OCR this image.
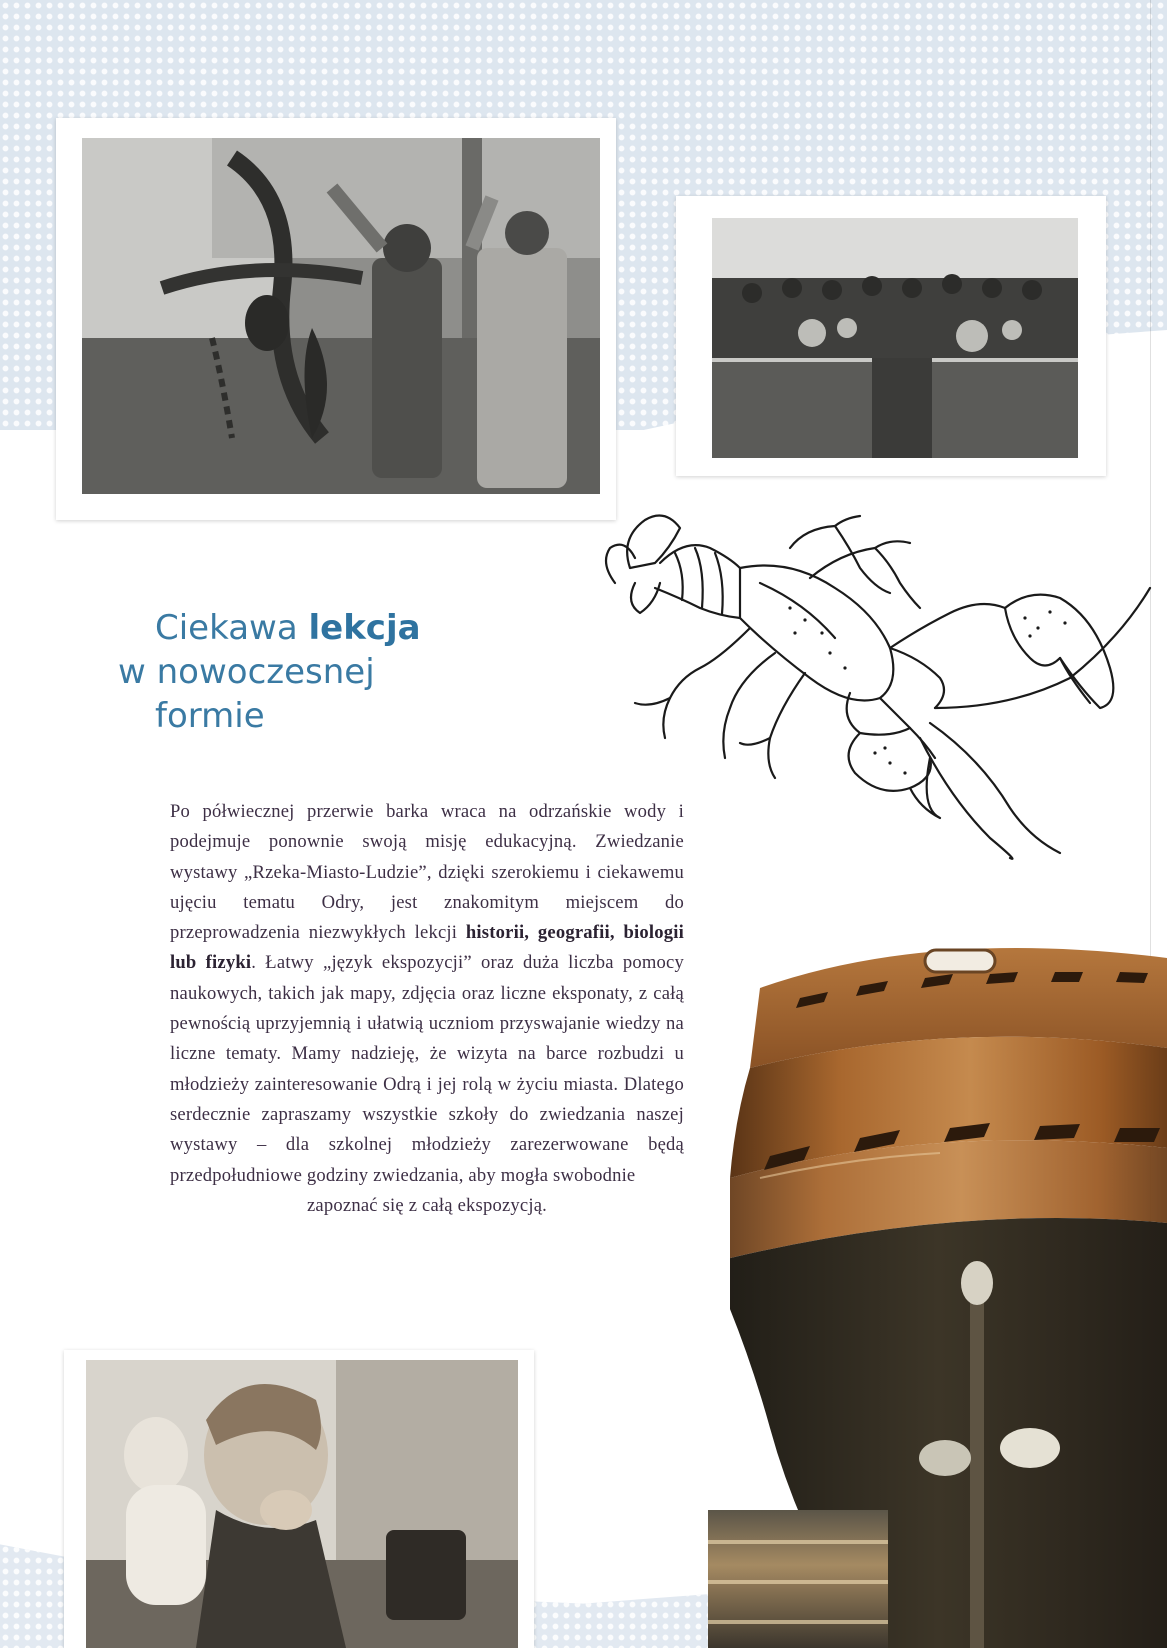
Ciekawa lekcja
w nowoczesnej
formie
Po półwiecznej przerwie barka wraca na odrzańskie wody i podejmuje ponownie swoją misję edukacyjną. Zwiedzanie wystawy „Rzeka-Miasto-Ludzie”, dzięki szerokiemu i ciekawemu ujęciu tematu Odry, jest znakomitym miejscem do przeprowadzenia niezwykłych lekcji historii, geografii, biologii lub fizyki. Łatwy „język ekspozycji” oraz duża liczba pomocy naukowych, takich jak mapy, zdjęcia oraz liczne eksponaty, z całą pewnością uprzyjemnią i ułatwią uczniom przyswajanie wiedzy na liczne tematy. Mamy nadzieję, że wizyta na barce rozbudzi u młodzieży zainteresowanie Odrą i jej rolą w życiu miasta. Dlatego serdecznie zapraszamy wszystkie szkoły do zwiedzania naszej wystawy – dla szkolnej młodzieży zarezerwowane będą przedpołudniowe godziny zwiedzania, aby mogła swobodnie
zapoznać się z całą ekspozycją.
